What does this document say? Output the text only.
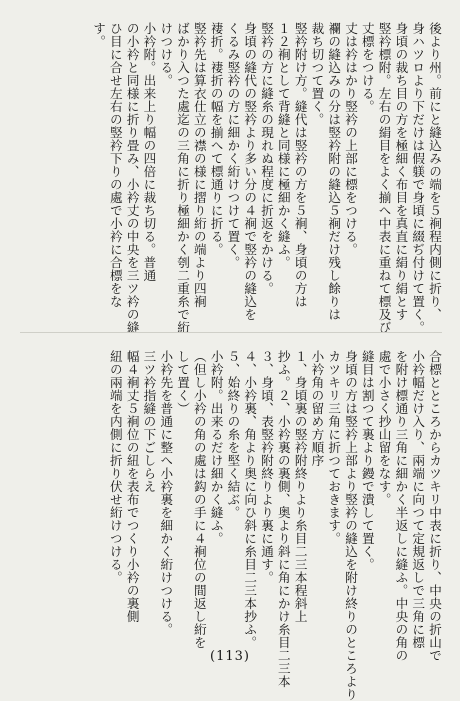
後より州。前にと縫込みの端を５裥程内側に折り、
身ハツロより下だけは假躾で身頃に綴ぢ付けて置く。
身頃の裁ち目の方を極細く布目を真直に絹り絹とす
竪衿標附。左右の絹目をよく揃へ中表に重ねて標及び
丈標をつける。
丈は衿はかり竪衿の上部に標をつける。
襴の縫込みの分は竪衿附の縫込５裥だけ残し餘りは
裁ち切つて置く。
竪衿附け方。縫代は竪衿の方を５裥、身頃の方は
１２裥として背縫と同様に極細かく縫ふ。
竪衿の方に縫糸の現れぬ程度に折返をかける。
身頃の縫代の竪衿より多い分の４裥で竪衿の縫込を
くるみ竪衿の方に細かく絎けつけて置く。
褄折。褄折の幅を揃へて標通りに折る。
竪衿先は算衣仕立の襟の様に摺り絎の端より四裥
ばかり入つた處迄の三角に折り極細かく刳二重糸で絎
けつける。
小衿附。出来上り幅の四倍に裁ち切る。普通
の小衿と同様に折り畳み、小衿丈の中央を三ツ衿の縫
ひ目に合せ左右の竪衿下りの處で小衿に合標をな
す。
合標とところからカツキリ中表に折り、中央の折山で
小衿幅だけ入り、兩端に向つて定規返しで三角に標
を附け標通り三角に細かく半返しに縫ふ。中央の角の
處で小さく抄山留をなす。
縫目は割つて裏より鏝で潰して置く。
身頃の方は竪衿上部より竪衿の縫込を附け終りのところより
カツキリ三角に折つておきます。
小衿角の留め方順序
１、身頃裏の竪衿附終りより糸目二三本程斜上
抄ふ。２、小衿裏の裏側、奥より斜に角にかけ糸目二三本
３、身頃、表竪衿附終りより裏に通す。
４、小衿裏、角より奥に向ひ斜に糸目二三本抄ふ。
５、始終りの糸を堅く結ぶ。
小衿附。出来るだけ細かく縫ふ。
（但し小衿の角の處は鈎の手に４裥位の間返し絎を
して置く）
小衿先を普通に整へ小衿裏を細かく絎けつける。
三ツ衿指縫の下ごしらえ
幅４裥丈５裥位の紐を表布でつくり小衿の裏側
紐の兩端を内側に折り伏せ絎けつける。
(113)
